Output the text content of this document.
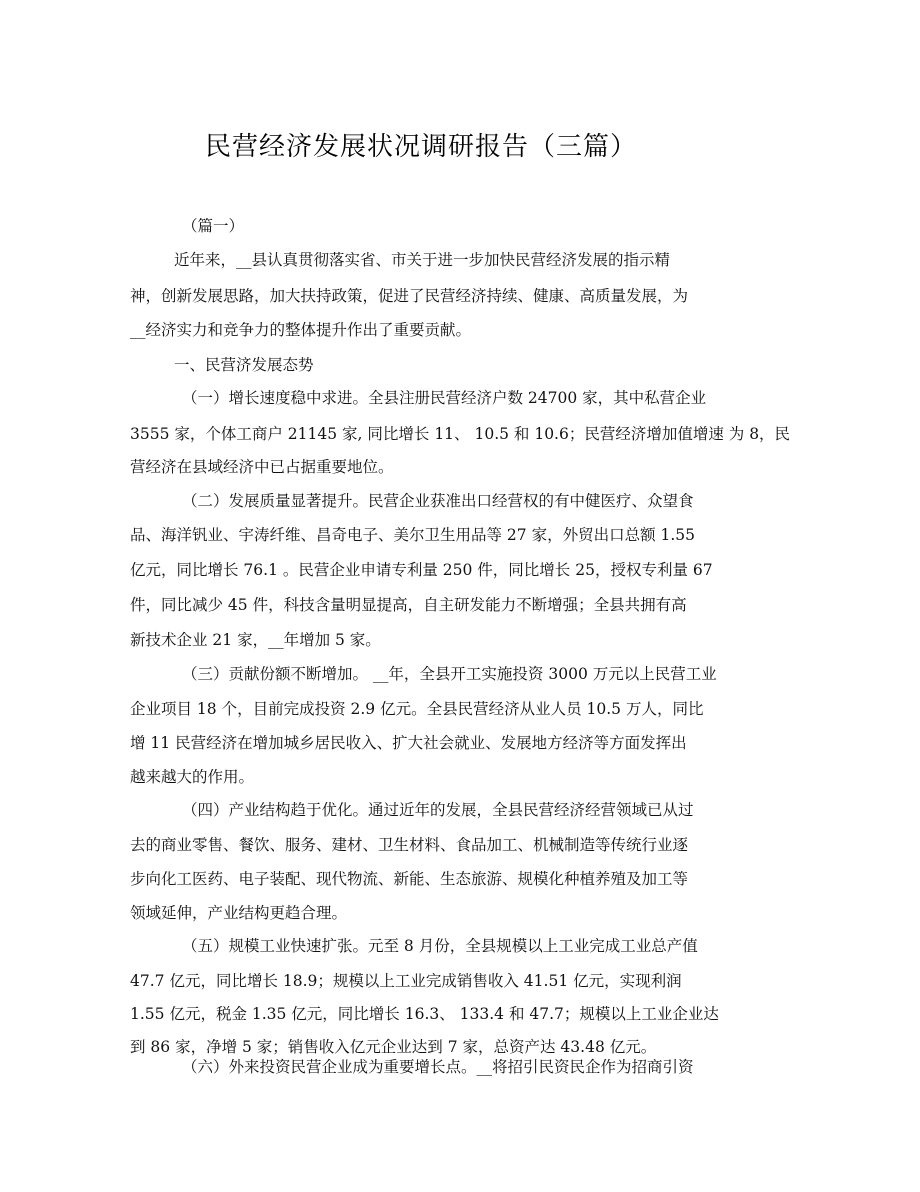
民营经济发展状况调研报告（三篇）
（篇一）
近年来，__县认真贯彻落实省、市关于进一步加快民营经济发展的指示精
神，创新发展思路，加大扶持政策，促进了民营经济持续、健康、高质量发展，为
__经济实力和竞争力的整体提升作出了重要贡献。
一、民营济发展态势
（一）增长速度稳中求进。全县注册民营经济户数 24700 家，其中私营企业
3555 家，个体工商户 21145 家, 同比增长 11、 10.5 和 10.6；民营经济增加值增速 为 8，民
营经济在县域经济中已占据重要地位。
（二）发展质量显著提升。民营企业获准出口经营权的有中健医疗、众望食
品、海洋钒业、宇涛纤维、昌奇电子、美尔卫生用品等 27 家，外贸出口总额 1.55
亿元，同比增长 76.1 。民营企业申请专利量 250 件，同比增长 25，授权专利量 67
件，同比减少 45 件，科技含量明显提高，自主研发能力不断增强；全县共拥有高
新技术企业 21 家，__年增加 5 家。
（三）贡献份额不断增加。 __年，全县开工实施投资 3000 万元以上民营工业
企业项目 18 个，目前完成投资 2.9 亿元。全县民营经济从业人员 10.5 万人，同比
增 11 民营经济在增加城乡居民收入、扩大社会就业、发展地方经济等方面发挥出
越来越大的作用。
（四）产业结构趋于优化。通过近年的发展，全县民营经济经营领域已从过
去的商业零售、餐饮、服务、建材、卫生材料、食品加工、机械制造等传统行业逐
步向化工医药、电子装配、现代物流、新能、生态旅游、规模化种植养殖及加工等
领域延伸，产业结构更趋合理。
（五）规模工业快速扩张。元至 8 月份，全县规模以上工业完成工业总产值
47.7 亿元，同比增长 18.9；规模以上工业完成销售收入 41.51 亿元，实现利润
1.55 亿元，税金 1.35 亿元，同比增长 16.3、 133.4 和 47.7；规模以上工业企业达
到 86 家，净增 5 家；销售收入亿元企业达到 7 家，总资产达 43.48 亿元。
（六）外来投资民营企业成为重要增长点。__将招引民资民企作为招商引资
